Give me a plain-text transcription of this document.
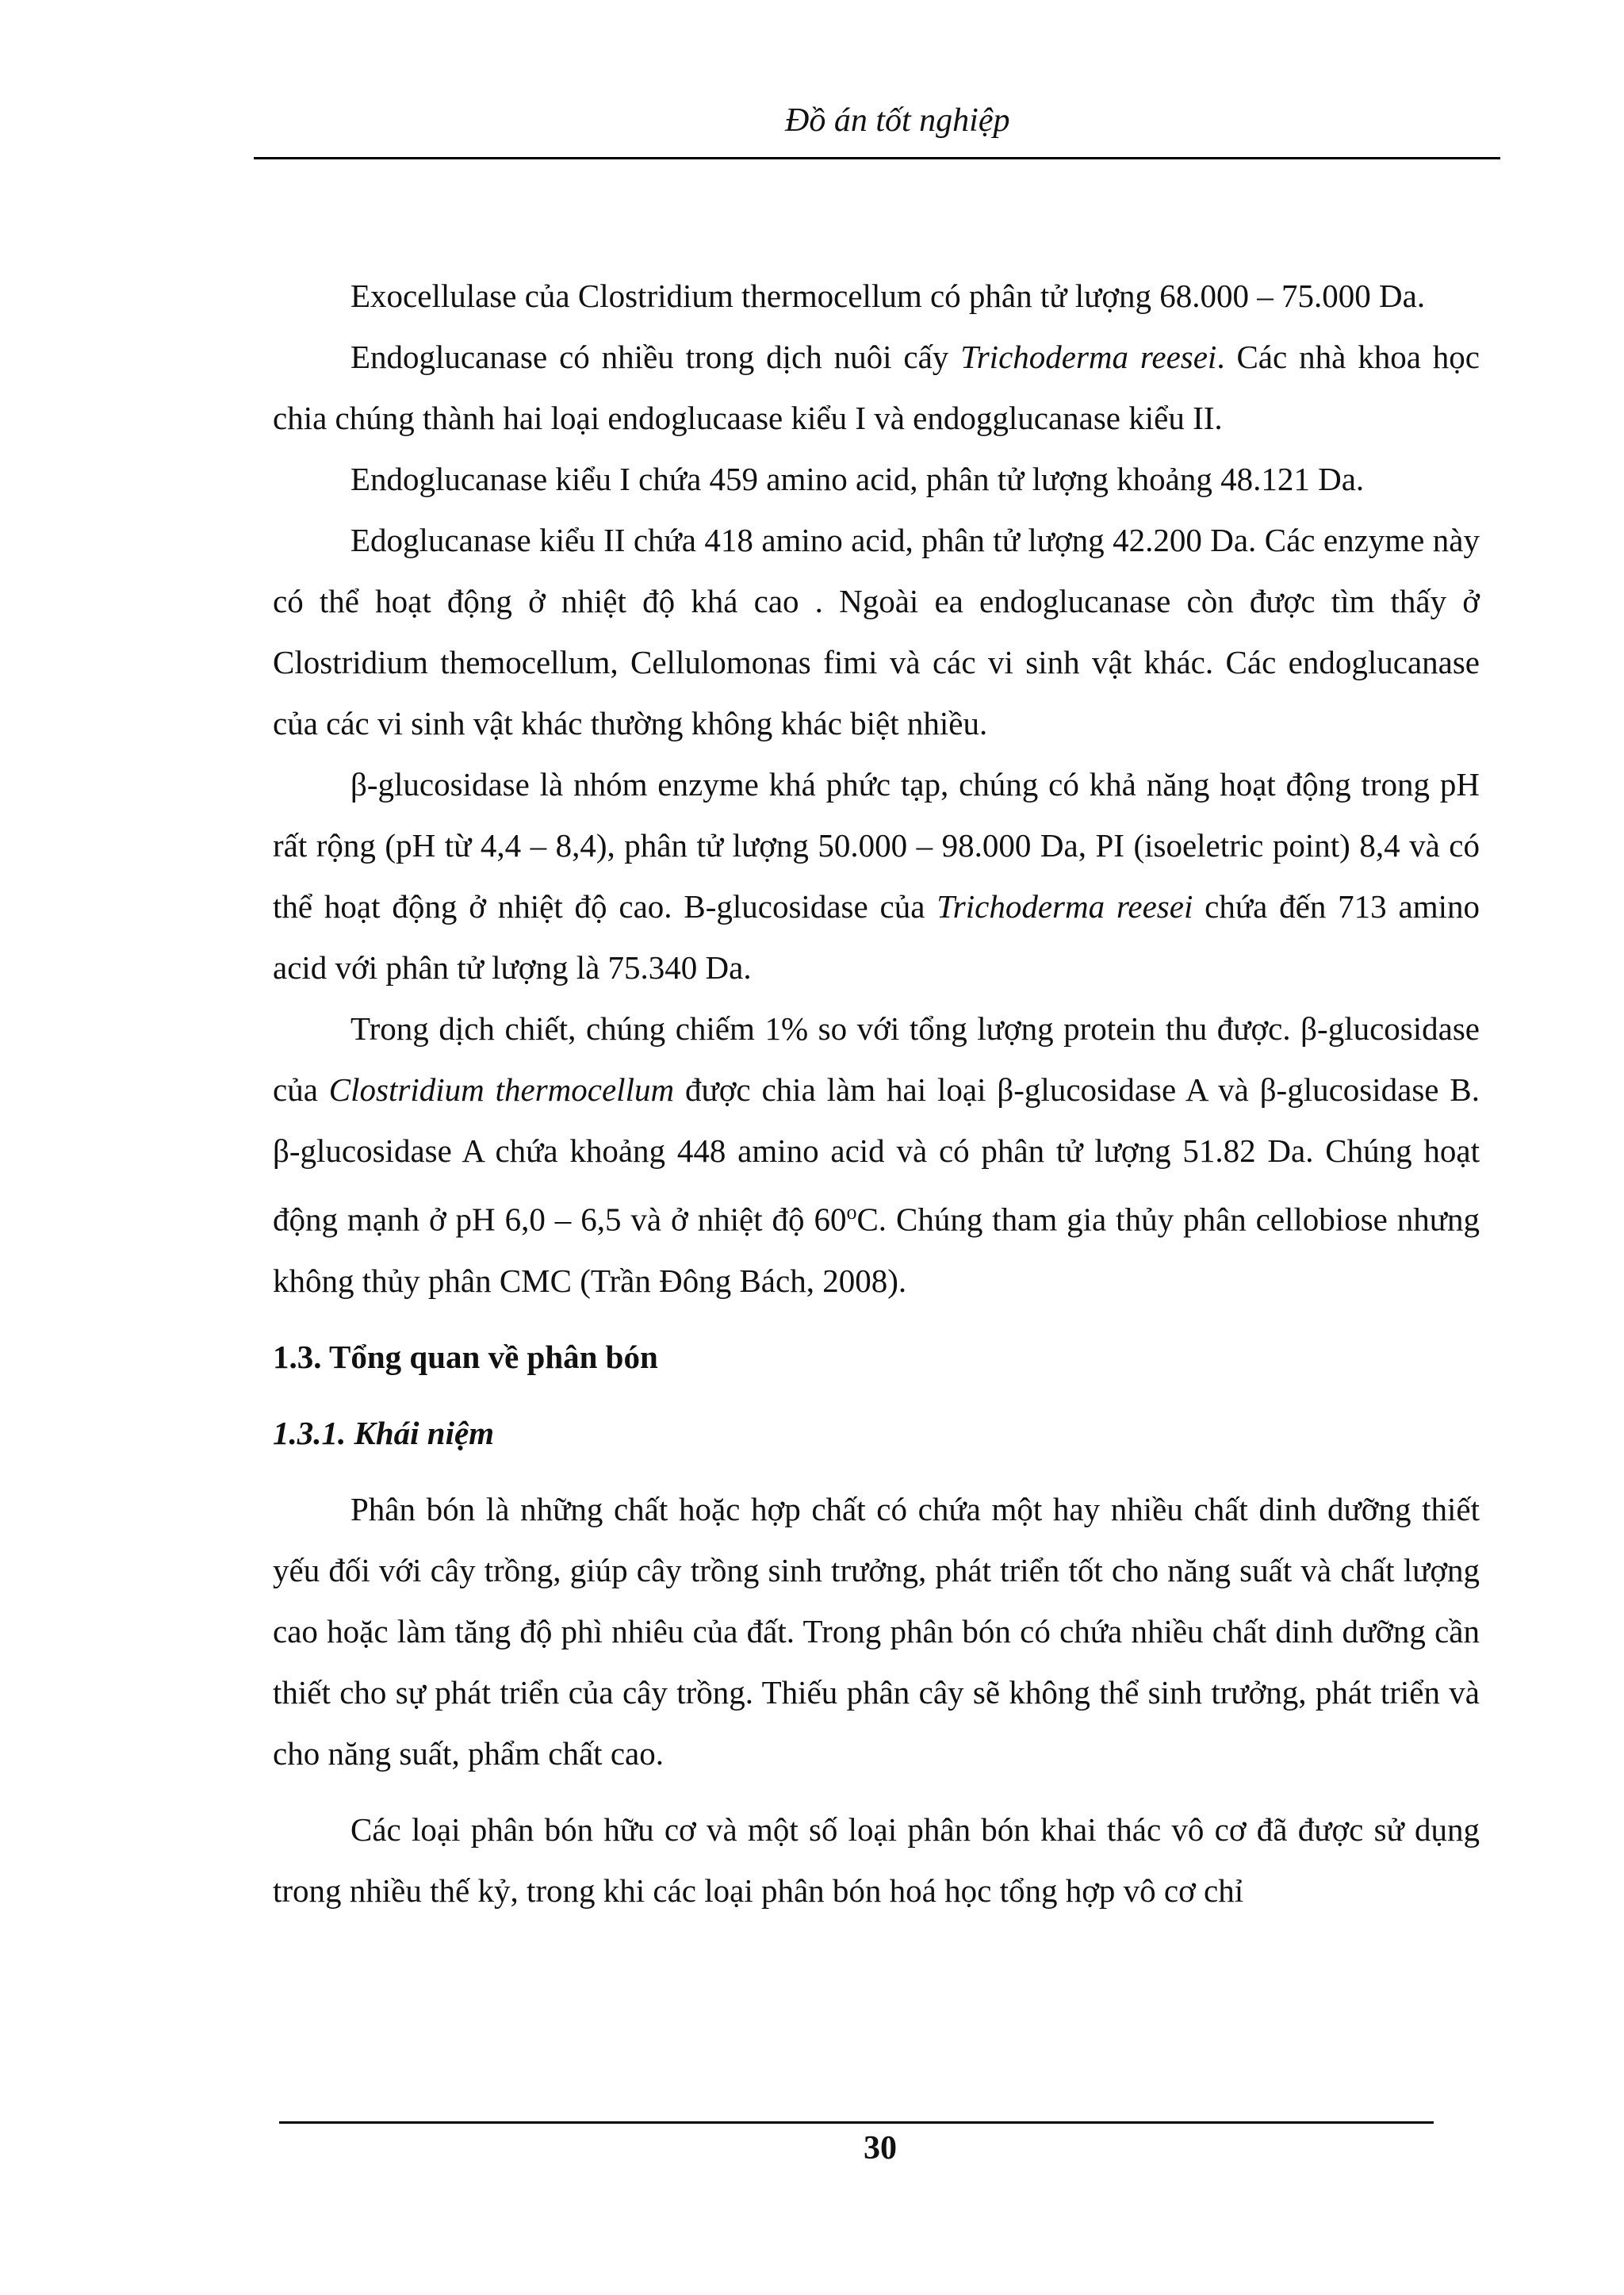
Đồ án tốt nghiệp

Exocellulase của Clostridium thermocellum có phân tử lượng 68.000 – 75.000 Da.

Endoglucanase có nhiều trong dịch nuôi cấy Trichoderma reesei. Các nhà khoa học chia chúng thành hai loại endoglucaase kiểu I và endogglucanase kiểu II.

Endoglucanase kiểu I chứa 459 amino acid, phân tử lượng khoảng 48.121 Da.

Edoglucanase kiểu II chứa 418 amino acid, phân tử lượng 42.200 Da. Các enzyme này có thể hoạt động ở nhiệt độ khá cao . Ngoài ea endoglucanase còn được tìm thấy ở Clostridium themocellum, Cellulomonas fimi và các vi sinh vật khác. Các endoglucanase của các vi sinh vật khác thường không khác biệt nhiều.

β-glucosidase là nhóm enzyme khá phức tạp, chúng có khả năng hoạt động trong pH rất rộng (pH từ 4,4 – 8,4), phân tử lượng 50.000 – 98.000 Da, PI (isoeletric point) 8,4 và có thể hoạt động ở nhiệt độ cao. B-glucosidase của Trichoderma reesei chứa đến 713 amino acid với phân tử lượng là 75.340 Da.

Trong dịch chiết, chúng chiếm 1% so với tổng lượng protein thu được. β-glucosidase của Clostridium thermocellum được chia làm hai loại β-glucosidase A và β-glucosidase B. β-glucosidase A chứa khoảng 448 amino acid và có phân tử lượng 51.82 Da. Chúng hoạt động mạnh ở pH 6,0 – 6,5 và ở nhiệt độ 60$^o$C. Chúng tham gia thủy phân cellobiose nhưng không thủy phân CMC (Trần Đông Bách, 2008).

1.3. Tổng quan về phân bón
1.3.1. Khái niệm

Phân bón là những chất hoặc hợp chất có chứa một hay nhiều chất dinh dưỡng thiết yếu đối với cây trồng, giúp cây trồng sinh trưởng, phát triển tốt cho năng suất và chất lượng cao hoặc làm tăng độ phì nhiêu của đất. Trong phân bón có chứa nhiều chất dinh dưỡng cần thiết cho sự phát triển của cây trồng. Thiếu phân cây sẽ không thể sinh trưởng, phát triển và cho năng suất, phẩm chất cao.

Các loại phân bón hữu cơ và một số loại phân bón khai thác vô cơ đã được sử dụng trong nhiều thế kỷ, trong khi các loại phân bón hoá học tổng hợp vô cơ chỉ

30
